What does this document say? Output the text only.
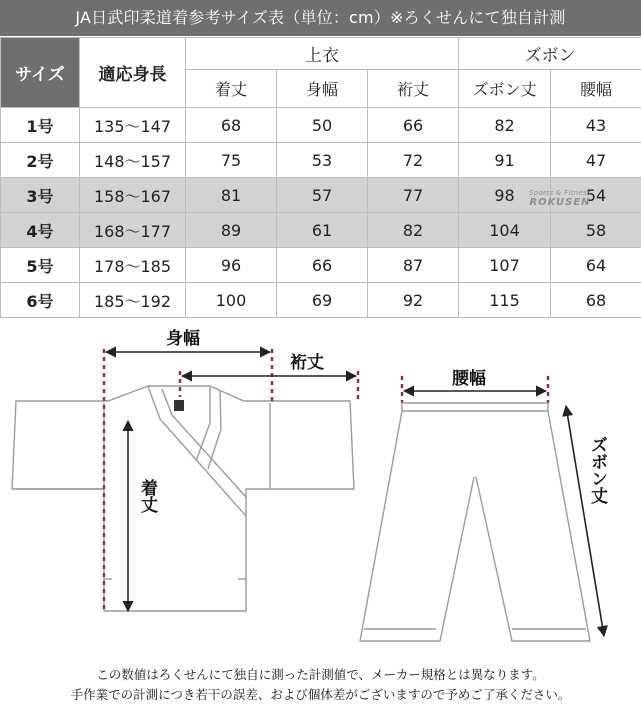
JA日武印柔道着参考サイズ表（単位：cm）※ろくせんにて独自計測
サイズ	適応身長	上衣			ズボン	
		着丈	身幅	裄丈	ズボン丈	腰幅
1号	135～147	68	50	66	82	43
2号	148～157	75	53	72	91	47
3号	158～167	81	57	77	98	54
4号	168～177	89	61	82	104	58
5号	178～185	96	66	87	107	64
6号	185～192	100	69	92	115	68
Sports & Fitness
ROKUSEN
身幅
裄丈
着丈
腰幅
ズボン丈
この数値はろくせんにて独自に測った計測値で、メーカー規格とは異なります。
手作業での計測につき若干の誤差、および個体差がございますので予めご了承ください。
